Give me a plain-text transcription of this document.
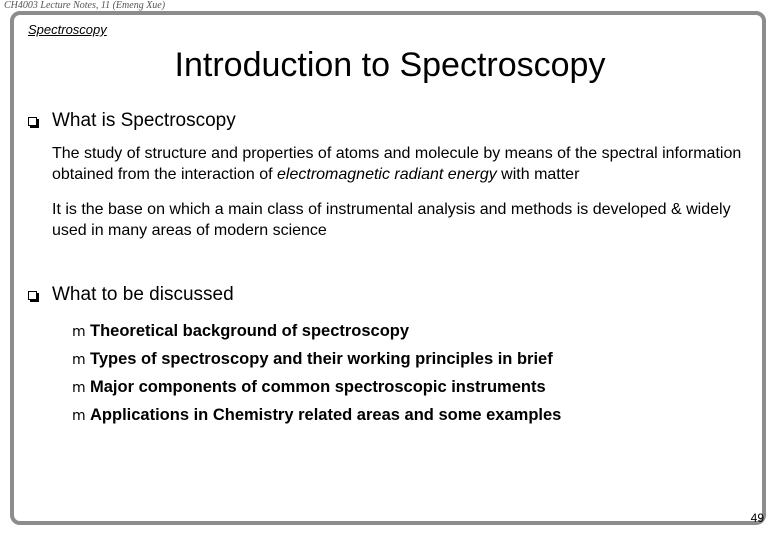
CH4003 Lecture Notes, 11 (Emeng Xue)
Spectroscopy
Introduction to Spectroscopy
What is Spectroscopy
The study of structure and properties of atoms and molecule by means of the spectral information obtained from the interaction of electromagnetic radiant energy with matter
It is the base on which a main class of instrumental analysis and methods is developed & widely used in many areas of modern science
What to be discussed
m Theoretical background of spectroscopy
m Types of spectroscopy and their working principles in brief
m Major components of common spectroscopic instruments
m Applications in Chemistry related areas and some examples
49
